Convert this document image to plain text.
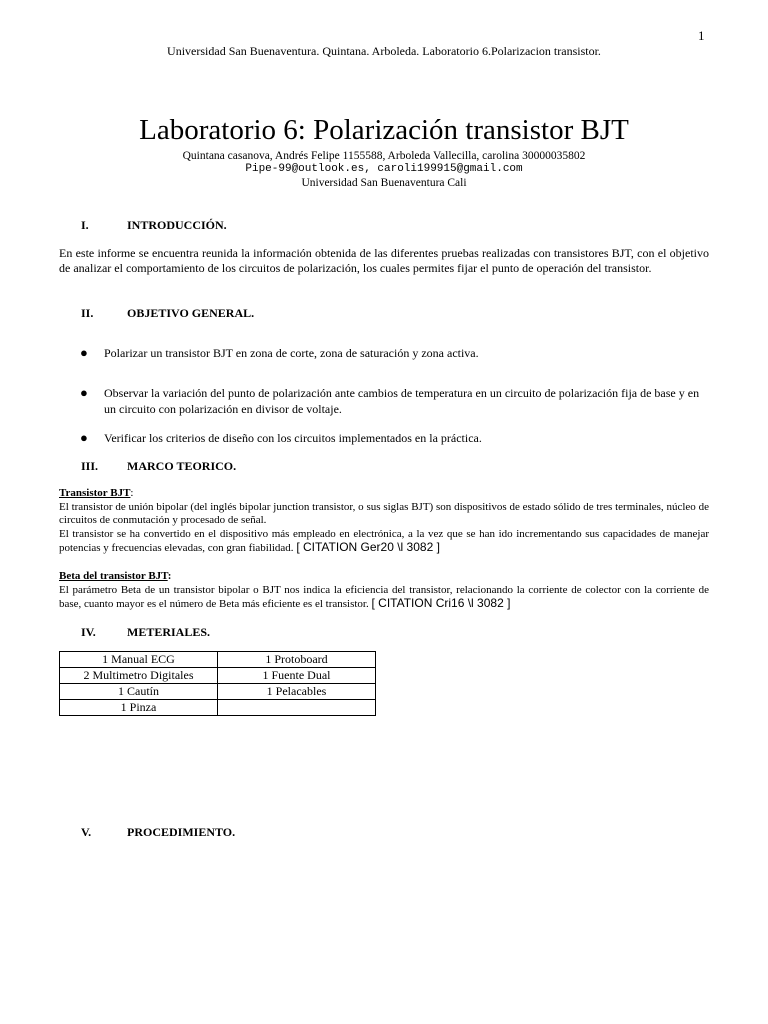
1
Universidad San Buenaventura. Quintana. Arboleda. Laboratorio 6.Polarizacion transistor.
Laboratorio 6: Polarización transistor BJT
Quintana casanova, Andrés Felipe 1155588, Arboleda Vallecilla, carolina 30000035802
Pipe-99@outlook.es, caroli199915@gmail.com
Universidad San Buenaventura Cali
I.	INTRODUCCIÓN.
En este informe se encuentra reunida la información obtenida de las diferentes pruebas realizadas con transistores BJT, con el objetivo de analizar el comportamiento de los circuitos de polarización, los cuales permites fijar el punto de operación del transistor.
II.	OBJETIVO GENERAL.
● Polarizar un transistor BJT en zona de corte, zona de saturación y zona activa.
● Observar la variación del punto de polarización ante cambios de temperatura en un circuito de polarización fija de base y en un circuito con polarización en divisor de voltaje.
● Verificar los criterios de diseño con los circuitos implementados en la práctica.
III. MARCO TEORICO.
Transistor BJT:
El transistor de unión bipolar (del inglés bipolar junction transistor, o sus siglas BJT) son dispositivos de estado sólido de tres terminales, núcleo de circuitos de conmutación y procesado de señal.
El transistor se ha convertido en el dispositivo más empleado en electrónica, a la vez que se han ido incrementando sus capacidades de manejar potencias y frecuencias elevadas, con gran fiabilidad. [ CITATION Ger20 \l 3082 ]
Beta del transistor BJT:
El parámetro Beta de un transistor bipolar o BJT nos indica la eficiencia del transistor, relacionando la corriente de colector con la corriente de base, cuanto mayor es el número de Beta más eficiente es el transistor. [ CITATION Cri16 \l 3082 ]
IV.	METERIALES.
1 Manual ECG	1 Protoboard
2 Multimetro Digitales	1 Fuente Dual
1 Cautín	1 Pelacables
1 Pinza	
V.	PROCEDIMIENTO.
